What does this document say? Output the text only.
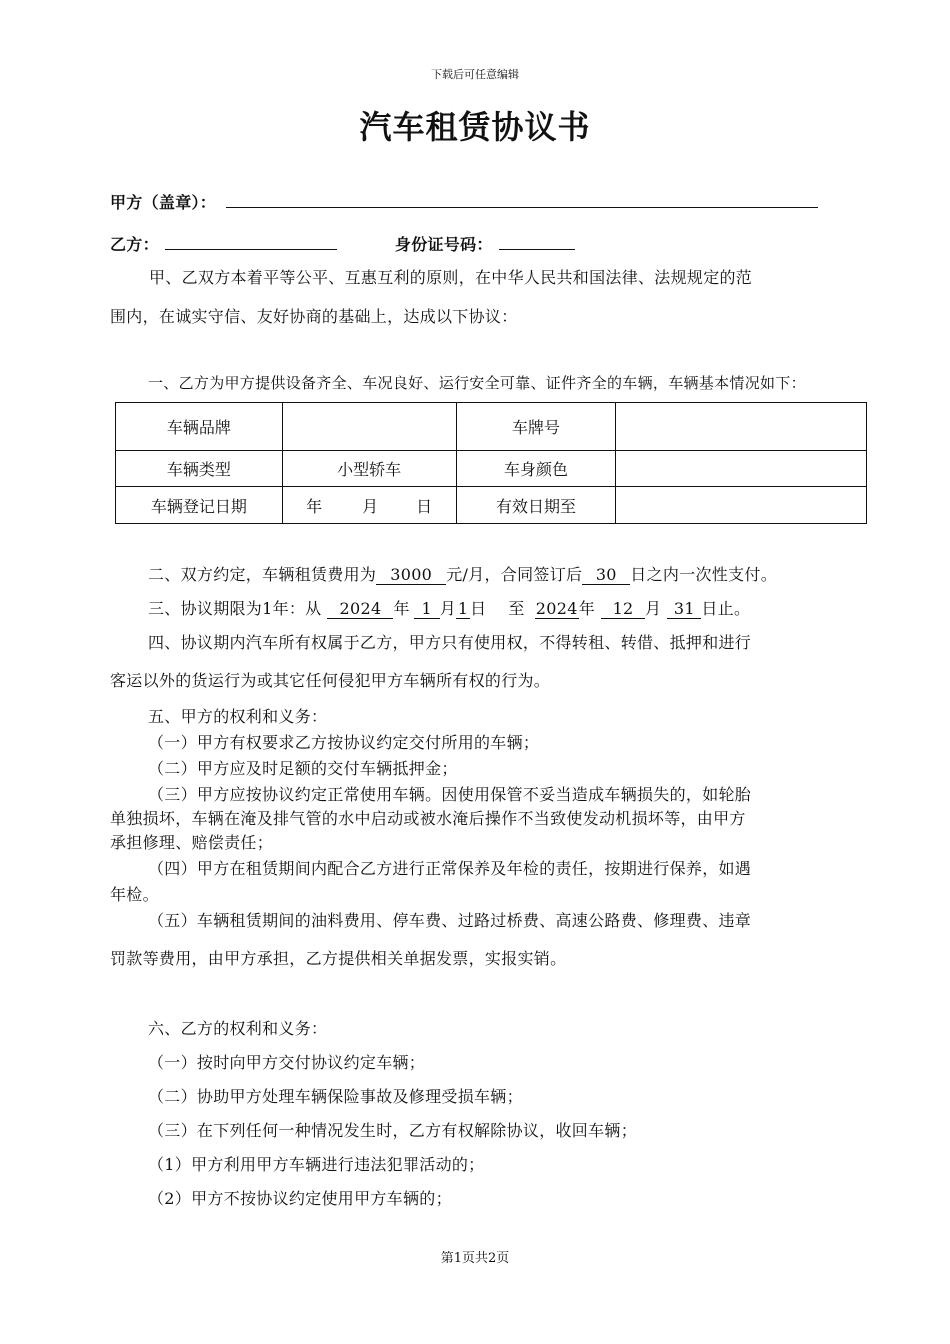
下载后可任意编辑
汽车租赁协议书
甲方（盖章）：
乙方：	身份证号码：
甲、乙双方本着平等公平、互惠互利的原则，在中华人民共和国法律、法规规定的范
围内，在诚实守信、友好协商的基础上，达成以下协议：
一、乙方为甲方提供设备齐全、车况良好、运行安全可靠、证件齐全的车辆，车辆基本情况如下：
车辆品牌		车牌号	
车辆类型	小型轿车	车身颜色	
车辆登记日期	年 月 日	有效日期至	
二、双方约定，车辆租赁费用为 3000 元/月，合同签订后 30 日之内一次性支付。
三、协议期限为1年：从 2024 年 1 月 1 日 至 2024年 12 月 31 日止。
四、协议期内汽车所有权属于乙方，甲方只有使用权，不得转租、转借、抵押和进行
客运以外的货运行为或其它任何侵犯甲方车辆所有权的行为。
五、甲方的权利和义务：
（一）甲方有权要求乙方按协议约定交付所用的车辆；
（二）甲方应及时足额的交付车辆抵押金；
（三）甲方应按协议约定正常使用车辆。因使用保管不妥当造成车辆损失的，如轮胎
单独损坏，车辆在淹及排气管的水中启动或被水淹后操作不当致使发动机损坏等，由甲方
承担修理、赔偿责任；
（四）甲方在租赁期间内配合乙方进行正常保养及年检的责任，按期进行保养，如遇
年检。
（五）车辆租赁期间的油料费用、停车费、过路过桥费、高速公路费、修理费、违章
罚款等费用，由甲方承担，乙方提供相关单据发票，实报实销。
六、乙方的权利和义务：
（一）按时向甲方交付协议约定车辆；
（二）协助甲方处理车辆保险事故及修理受损车辆；
（三）在下列任何一种情况发生时，乙方有权解除协议，收回车辆；
（1）甲方利用甲方车辆进行违法犯罪活动的；
（2）甲方不按协议约定使用甲方车辆的；
第1页共2页
